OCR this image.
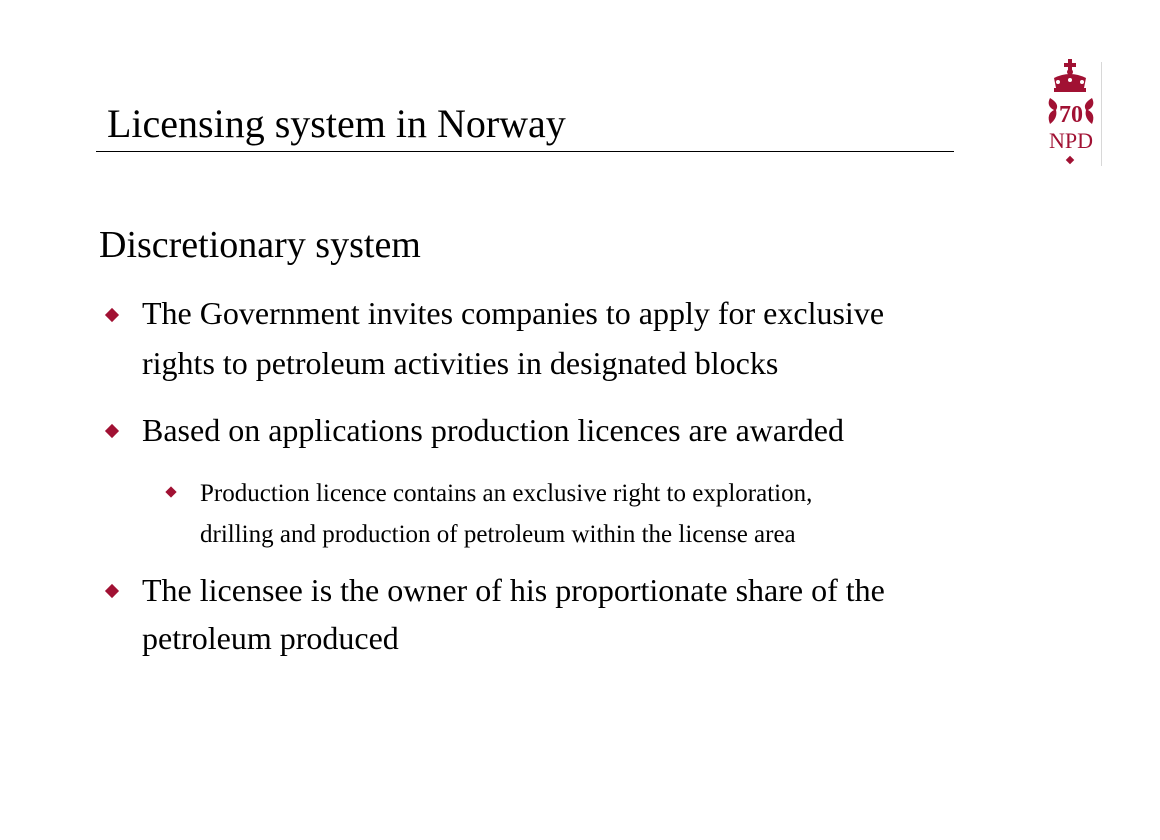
Licensing system in Norway	70
NPD
Discretionary system
The Government invites companies to apply for exclusive
rights to petroleum activities in designated blocks
Based on applications production licences are awarded
Production licence contains an exclusive right to exploration,
drilling and production of petroleum within the license area
The licensee is the owner of his proportionate share of the
petroleum produced
